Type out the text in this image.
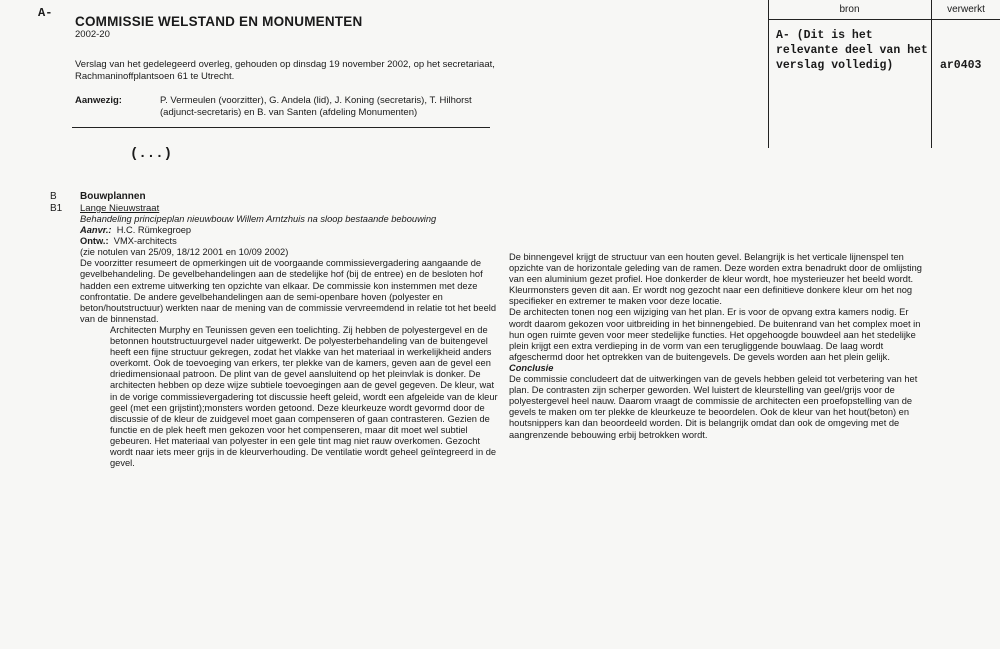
A-
COMMISSIE WELSTAND EN MONUMENTEN
2002-20
Verslag van het gedelegeerd overleg, gehouden op dinsdag 19 november 2002, op het secretariaat, Rachmaninoffplantsoen 61 te Utrecht.
Aanwezig:	P. Vermeulen (voorzitter), G. Andela (lid), J. Koning (secretaris), T. Hilhorst (adjunct-secretaris) en B. van Santen (afdeling Monumenten)
(...)
bron	verwerkt
A- (Dit is het relevante deel van het verslag volledig)	ar0403
B Bouwplannen
B1 Lange Nieuwstraat

Behandeling principeplan nieuwbouw Willem Arntzhuis na sloop bestaande bebouwing

Aanvr.: H.C. Rümkegroep

Ontw.: VMX-architects

(zie notulen van 25/09, 18/12 2001 en 10/09 2002)

De voorzitter resumeert de opmerkingen uit de voorgaande commissievergadering aangaande de gevelbehandeling. De gevelbehandelingen aan de stedelijke hof (bij de entree) en de besloten hof hadden een extreme uitwerking ten opzichte van elkaar. De commissie kon instemmen met deze confrontatie. De andere gevelbehandelingen aan de semi-openbare hoven (polyester en beton/houtstructuur) werkten naar de mening van de commissie vervreemdend in relatie tot het beeld van de binnenstad.

Architecten Murphy en Teunissen geven een toelichting. Zij hebben de polyestergevel en de betonnen houtstructuurgevel nader uitgewerkt. De polyesterbehandeling van de buitengevel heeft een fijne structuur gekregen, zodat het vlakke van het materiaal in werkelijkheid anders overkomt. Ook de toevoeging van erkers, ter plekke van de kamers, geven aan de gevel een driedimensionaal patroon. De plint van de gevel aansluitend op het pleinvlak is donker. De architecten hebben op deze wijze subtiele toevoegingen aan de gevel gegeven. De kleur, wat in de vorige commissievergadering tot discussie heeft geleid, wordt een afgeleide van de kleur geel (met een grijstint);monsters worden getoond. Deze kleurkeuze wordt gevormd door de discussie of de kleur de zuidgevel moet gaan compenseren of gaan contrasteren. Gezien de functie en de plek heeft men gekozen voor het compenseren, maar dit moet wel subtiel gebeuren. Het materiaal van polyester in een gele tint mag niet rauw overkomen. Gezocht wordt naar iets meer grijs in de kleurverhouding. De ventilatie wordt geheel geïntegreerd in de gevel.

De binnengevel krijgt de structuur van een houten gevel. Belangrijk is het verticale lijnenspel ten opzichte van de horizontale geleding van de ramen. Deze worden extra benadrukt door de omlijsting van een aluminium gezet profiel. Hoe donkerder de kleur wordt, hoe mysterieuzer het beeld wordt. Kleurmonsters geven dit aan. Er wordt nog gezocht naar een definitieve donkere kleur om het nog specifieker en extremer te maken voor deze locatie.

De architecten tonen nog een wijziging van het plan. Er is voor de opvang extra kamers nodig. Er wordt daarom gekozen voor uitbreiding in het binnengebied. De buitenrand van het complex moet in hun ogen ruimte geven voor meer stedelijke functies. Het opgehoogde bouwdeel aan het stedelijke plein krijgt een extra verdieping in de vorm van een terugliggende bouwlaag. De laag wordt afgeschermd door het optrekken van de buitengevels. De gevels worden aan het plein gelijk.

Conclusie

De commissie concludeert dat de uitwerkingen van de gevels hebben geleid tot verbetering van het plan. De contrasten zijn scherper geworden. Wel luistert de kleurstelling van geel/grijs voor de polyestergevel heel nauw. Daarom vraagt de commissie de architecten een proefopstelling van de gevels te maken om ter plekke de kleurkeuze te beoordelen. Ook de kleur van het hout(beton) en houtsnippers kan dan beoordeeld worden. Dit is belangrijk omdat dan ook de omgeving met de aangrenzende bebouwing erbij betrokken wordt.
